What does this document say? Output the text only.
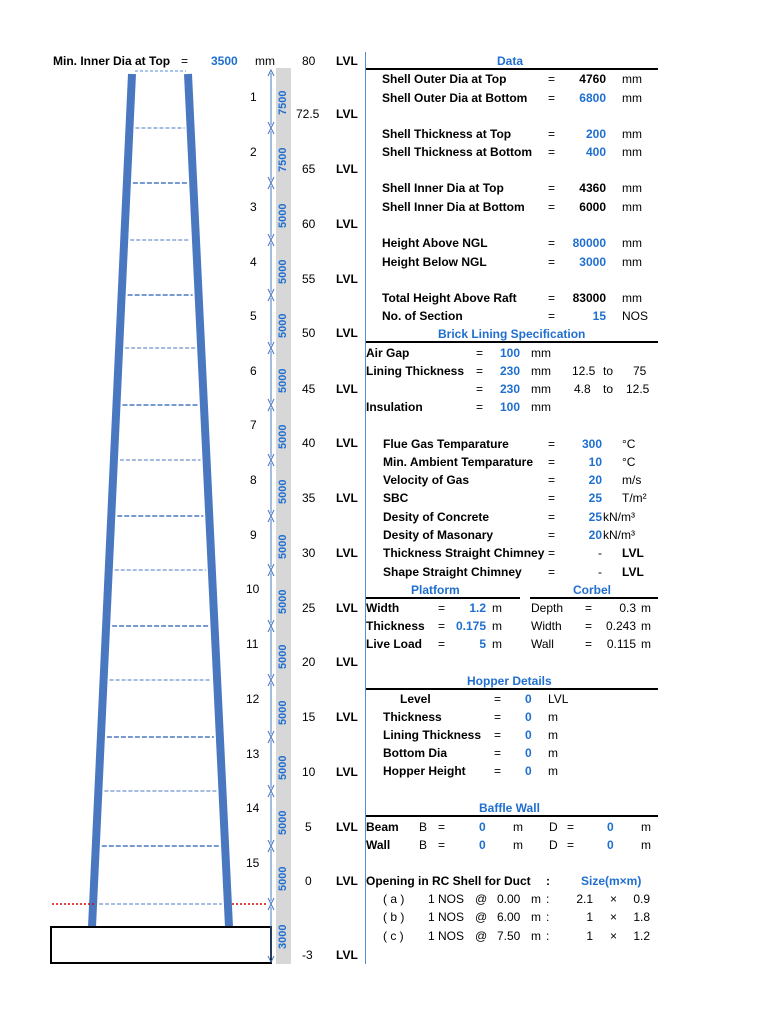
Min. Inner Dia at Top = 3500 mm
1
2
3
4
5
6
7
8
9
10
11
12
13
14
15
7500
7500
5000
5000
5000
5000
5000
5000
5000
5000
5000
5000
5000
5000
5000
3000
80 LVL
72.5 LVL
65 LVL
60 LVL
55 LVL
50 LVL
45 LVL
40 LVL
35 LVL
30 LVL
25 LVL
20 LVL
15 LVL
10 LVL
5 LVL
0 LVL
-3 LVL
Data
Shell Outer Dia at Top	=	4760 mm
Shell Outer Dia at Bottom =	6800 mm
Shell Thickness at Top	=	200 mm
Shell Thickness at Bottom =	400 mm
Shell Inner Dia at Top	=	4360 mm
Shell Inner Dia at Bottom =	6000 mm
Height Above NGL	=	80000 mm
Height Below NGL	=	3000 mm
Total Height Above Raft	=	83000 mm
No. of Section	=	15 NOS
Brick Lining Specification
Air Gap	= 100 mm
Lining Thickness = 230 mm 12.5 to 75
= 230 mm 4.8 to 12.5
Insulation	= 100 mm
Flue Gas Temparature	=	300 °C
Min. Ambient Temparature =	10 °C
Velocity of Gas	=	20 m/s
SBC	=	25 T/m²
Desity of Concrete	=	25 kN/m³
Desity of Masonary	=	20 kN/m³
Thickness Straight Chimney =	- LVL
Shape Straight Chimney =	- LVL
Platform	Corbel
Width	=	1.2 m
Thickness = 0.175 m
Live Load =	5 m
Depth =	0.3 m
Width =	0.243 m
Wall	=	0.115 m
Hopper Details
Level	= 0 LVL
Thickness	= 0 m
Lining Thickness = 0 m
Bottom Dia	= 0 m
Hopper Height = 0 m
Baffle Wall
Beam B =	0 m D =	0 m
Wall B =	0 m D =	0 m
Opening in RC Shell for Duct :	Size(m×m)
( a ) 1 NOS @ 0.00 m :	2.1 ×	0.9
( b ) 1 NOS @ 6.00 m :	1 ×	1.8
( c ) 1 NOS @ 7.50 m :	1 ×	1.2
